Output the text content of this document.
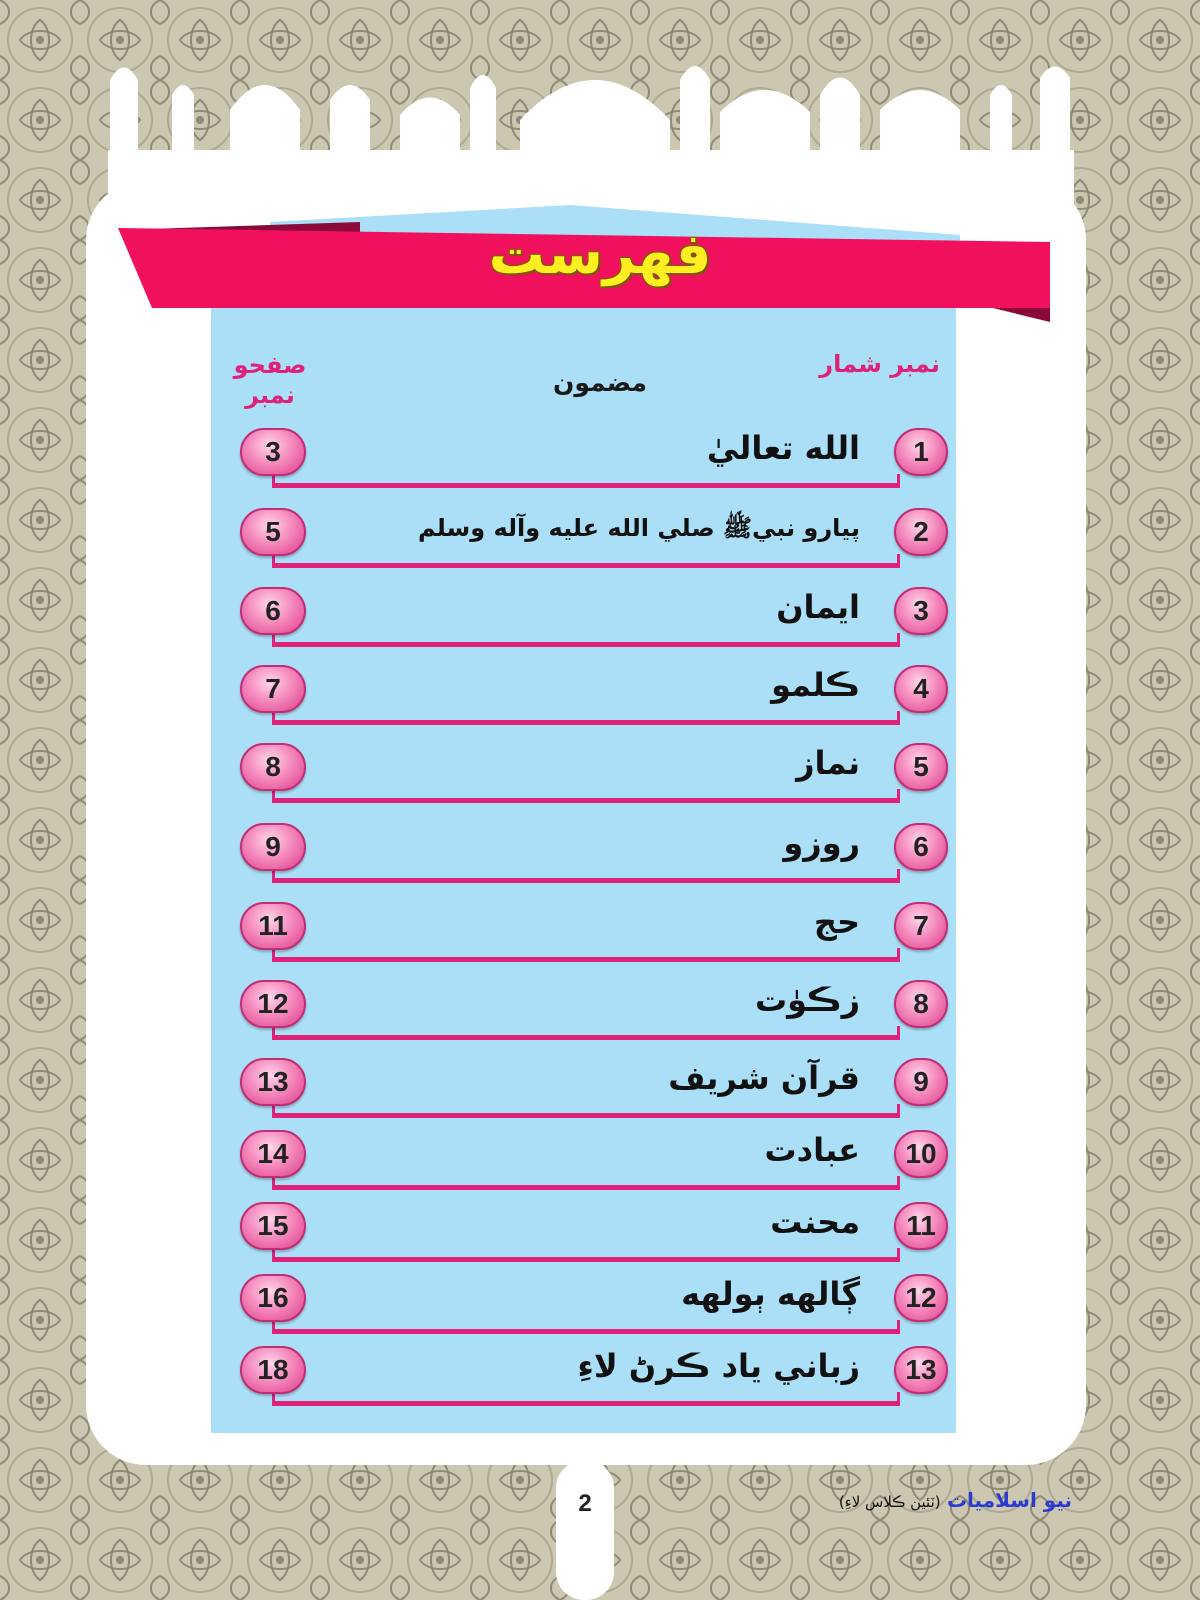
فهرست
نمبر شمار
مضمون
صفحو نمبر
3	1
الله تعاليٰ
5	2
پيارو نبيﷺ صلي الله عليه وآله وسلم
6	3
ايمان
7	4
ڪلمو
8	5
نماز
9	6
روزو
11	7
حج
12	8
زڪوٰت
13	9
قرآن شريف
14	10
عبادت
15	11
محنت
16	12
ڳالهه ٻولهه
18	13
زباني ياد ڪرڻ لاءِ
2	نيو اسلاميات (ٽئين ڪلاس لاءِ)
